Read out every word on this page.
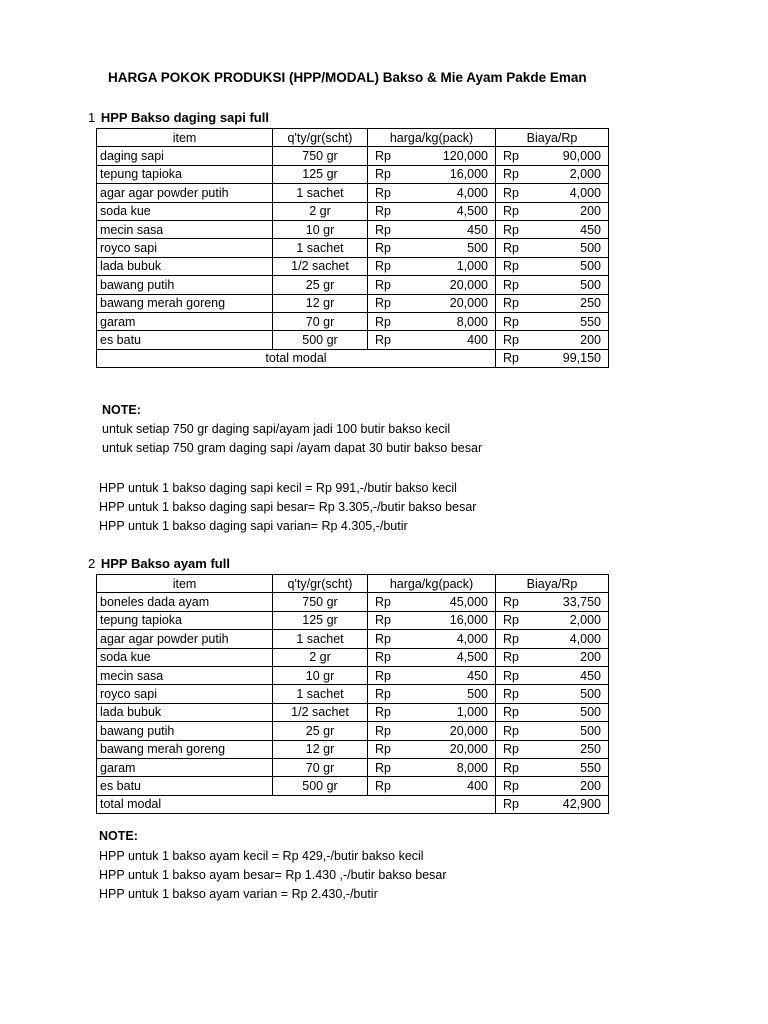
HARGA POKOK PRODUKSI (HPP/MODAL) Bakso & Mie Ayam Pakde Eman
1 HPP Bakso daging sapi full
item	q'ty/gr(scht)	harga/kg(pack)	Biaya/Rp
daging sapi	750 gr	Rp 120,000	Rp 90,000

tepung tapioka	125 gr	Rp 16,000	Rp 2,000

agar agar powder putih	1 sachet	Rp 4,000	Rp 4,000

soda kue	2 gr	Rp 4,500	Rp 200

mecin sasa	10 gr	Rp 450	Rp 450

royco sapi	1 sachet	Rp 500	Rp 500

lada bubuk	1/2 sachet	Rp 1,000	Rp 500

bawang putih	25 gr	Rp 20,000	Rp 500

bawang merah goreng	12 gr	Rp 20,000	Rp 250

garam	70 gr	Rp 8,000	Rp 550

es batu	500 gr	Rp 400	Rp 200

total modal			Rp 99,150
NOTE:
untuk setiap 750 gr daging sapi/ayam jadi 100 butir bakso kecil
untuk setiap 750 gram daging sapi /ayam dapat 30 butir bakso besar
HPP untuk 1 bakso daging sapi kecil = Rp 991,-/butir bakso kecil
HPP untuk 1 bakso daging sapi besar= Rp 3.305,-/butir bakso besar
HPP untuk 1 bakso daging sapi varian= Rp 4.305,-/butir
2 HPP Bakso ayam full
item	q'ty/gr(scht)	harga/kg(pack)	Biaya/Rp
boneles dada ayam	750 gr	Rp 45,000	Rp 33,750

tepung tapioka	125 gr	Rp 16,000	Rp 2,000

agar agar powder putih	1 sachet	Rp 4,000	Rp 4,000

soda kue	2 gr	Rp 4,500	Rp 200

mecin sasa	10 gr	Rp 450	Rp 450

royco sapi	1 sachet	Rp 500	Rp 500

lada bubuk	1/2 sachet	Rp 1,000	Rp 500

bawang putih	25 gr	Rp 20,000	Rp 500

bawang merah goreng	12 gr	Rp 20,000	Rp 250

garam	70 gr	Rp 8,000	Rp 550

es batu	500 gr	Rp 400	Rp 200

total modal			Rp 42,900
NOTE:
HPP untuk 1 bakso ayam kecil = Rp 429,-/butir bakso kecil
HPP untuk 1 bakso ayam besar= Rp 1.430 ,-/butir bakso besar
HPP untuk 1 bakso ayam varian = Rp 2.430,-/butir
